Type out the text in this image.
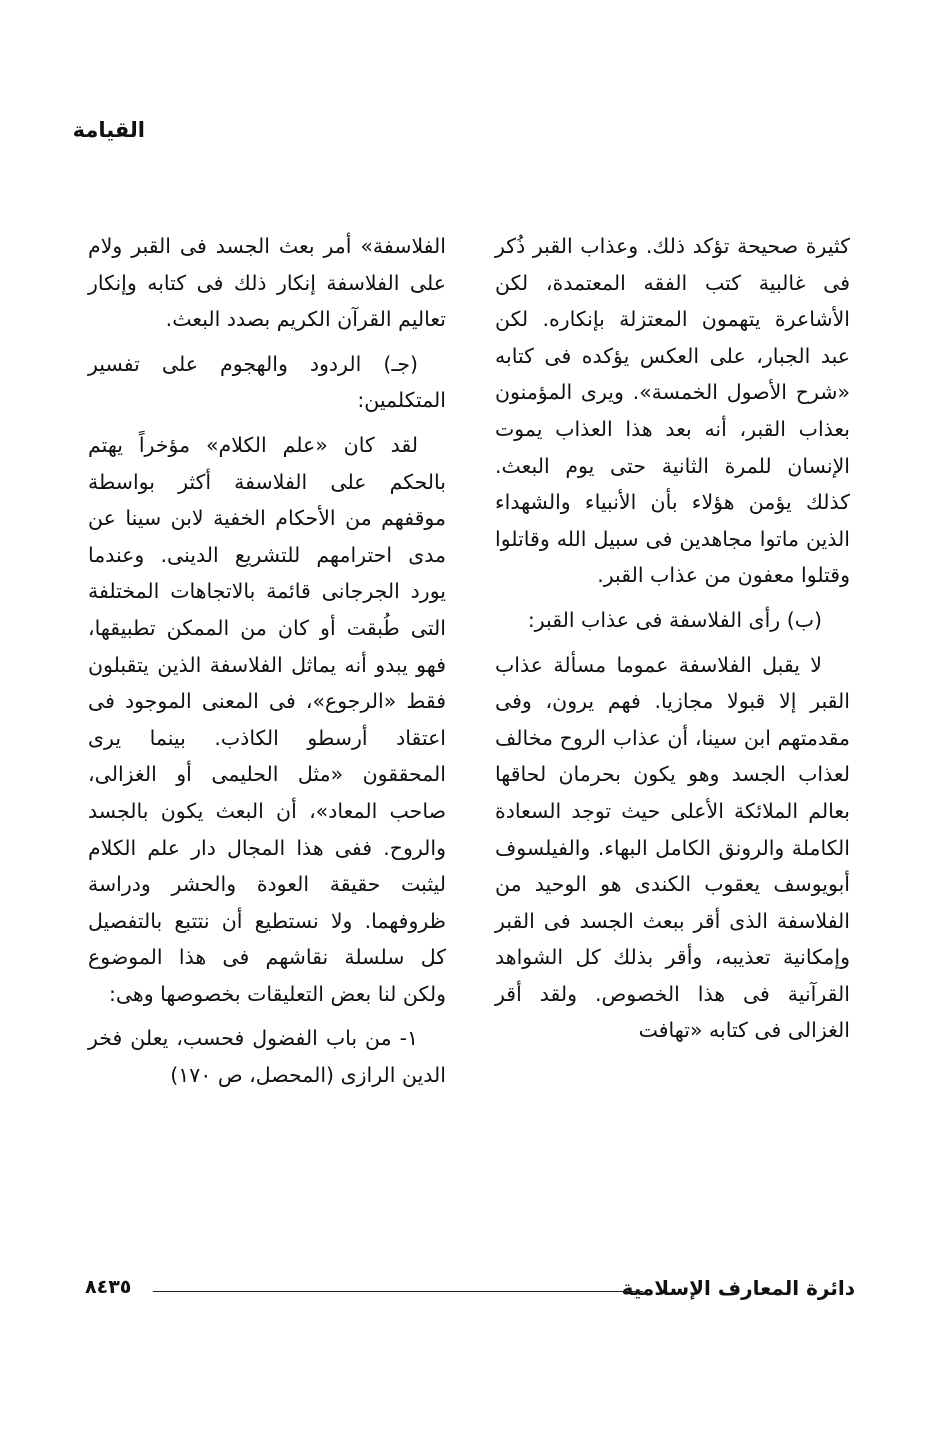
القيامة

كثيرة صحيحة تؤكد ذلك. وعذاب القبر ذُكر فى غالبية كتب الفقه المعتمدة، لكن الأشاعرة يتهمون المعتزلة بإنكاره. لكن عبد الجبار، على العكس يؤكده فى كتابه «شرح الأصول الخمسة». ويرى المؤمنون بعذاب القبر، أنه بعد هذا العذاب يموت الإنسان للمرة الثانية حتى يوم البعث. كذلك يؤمن هؤلاء بأن الأنبياء والشهداء الذين ماتوا مجاهدين فى سبيل الله وقاتلوا وقتلوا معفون من عذاب القبر.

(ب) رأى الفلاسفة فى عذاب القبر:

لا يقبل الفلاسفة عموما مسألة عذاب القبر إلا قبولا مجازيا. فهم يرون، وفى مقدمتهم ابن سينا، أن عذاب الروح مخالف لعذاب الجسد وهو يكون بحرمان لحاقها بعالم الملائكة الأعلى حيث توجد السعادة الكاملة والرونق الكامل البهاء. والفيلسوف أبويوسف يعقوب الكندى هو الوحيد من الفلاسفة الذى أقر ببعث الجسد فى القبر وإمكانية تعذيبه، وأقر بذلك كل الشواهد القرآنية فى هذا الخصوص. ولقد أقر الغزالى فى كتابه «تهافت

الفلاسفة» أمر بعث الجسد فى القبر ولام على الفلاسفة إنكار ذلك فى كتابه وإنكار تعاليم القرآن الكريم بصدد البعث.

(جـ) الردود والهجوم على تفسير المتكلمين:

لقد كان «علم الكلام» مؤخراً يهتم بالحكم على الفلاسفة أكثر بواسطة موقفهم من الأحكام الخفية لابن سينا عن مدى احترامهم للتشريع الدينى. وعندما يورد الجرجانى قائمة بالاتجاهات المختلفة التى طُبقت أو كان من الممكن تطبيقها، فهو يبدو أنه يماثل الفلاسفة الذين يتقبلون فقط «الرجوع»، فى المعنى الموجود فى اعتقاد أرسطو الكاذب. بينما يرى المحققون «مثل الحليمى أو الغزالى، صاحب المعاد»، أن البعث يكون بالجسد والروح. ففى هذا المجال دار علم الكلام ليثبت حقيقة العودة والحشر ودراسة ظروفهما. ولا نستطيع أن نتتبع بالتفصيل كل سلسلة نقاشهم فى هذا الموضوع ولكن لنا بعض التعليقات بخصوصها وهى:

١- من باب الفضول فحسب، يعلن فخر الدين الرازى (المحصل، ص ١٧٠)

دائرة المعارف الإسلامية
٨٤٣٥
